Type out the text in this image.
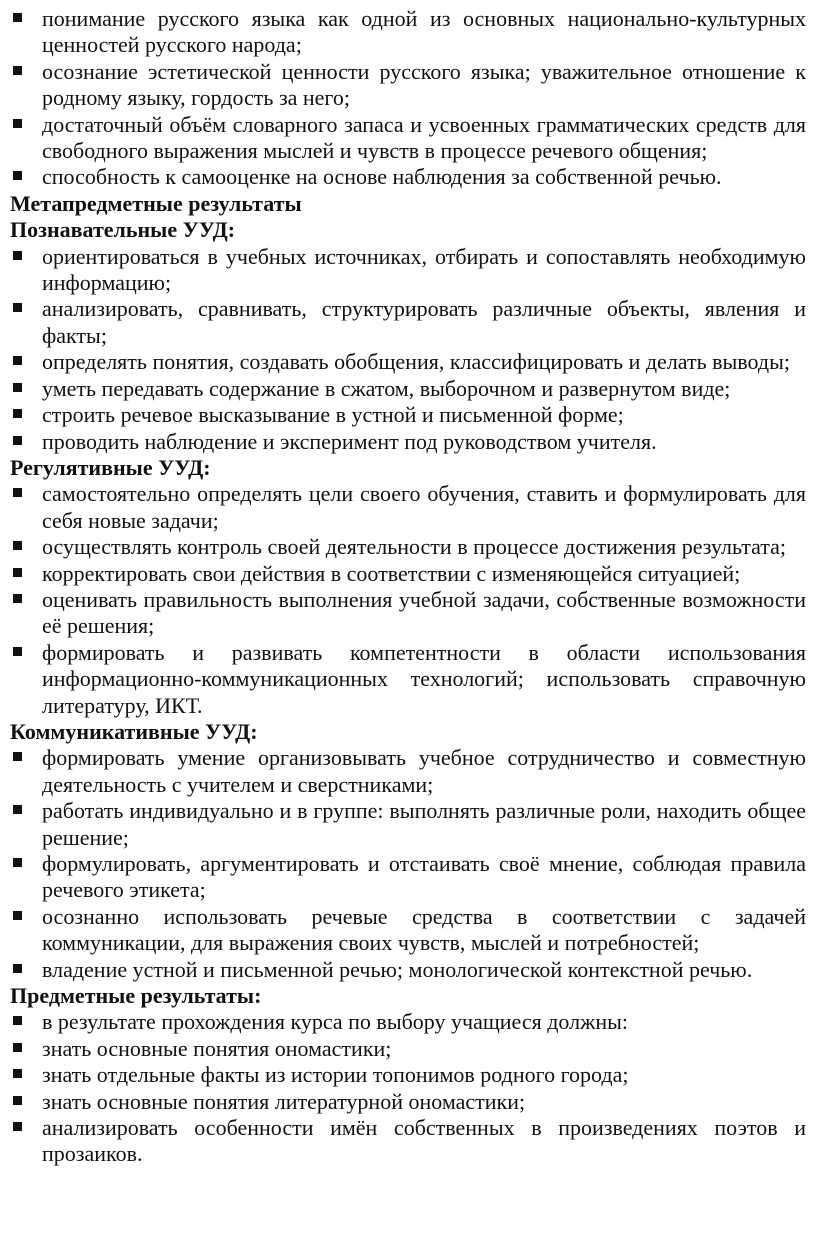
понимание русского языка как одной из основных национально-культурных ценностей русского народа;
осознание эстетической ценности русского языка; уважительное отношение к родному языку, гордость за него;
достаточный объём словарного запаса и усвоенных грамматических средств для свободного выражения мыслей и чувств в процессе речевого общения;
способность к самооценке на основе наблюдения за собственной речью.

Метапредметные результаты

Познавательные УУД:

ориентироваться в учебных источниках, отбирать и сопоставлять необходимую информацию;
анализировать, сравнивать, структурировать различные объекты, явления и факты;
определять понятия, создавать обобщения, классифицировать и делать выводы;
уметь передавать содержание в сжатом, выборочном и развернутом виде;
строить речевое высказывание в устной и письменной форме;
проводить наблюдение и эксперимент под руководством учителя.

Регулятивные УУД:

самостоятельно определять цели своего обучения, ставить и формулировать для себя новые задачи;
осуществлять контроль своей деятельности в процессе достижения результата;
корректировать свои действия в соответствии с изменяющейся ситуацией;
оценивать правильность выполнения учебной задачи, собственные возможности её решения;
формировать и развивать компетентности в области использования информационно-коммуникационных технологий; использовать справочную литературу, ИКТ.

Коммуникативные УУД:

формировать умение организовывать учебное сотрудничество и совместную деятельность с учителем и сверстниками;
работать индивидуально и в группе: выполнять различные роли, находить общее решение;
формулировать, аргументировать и отстаивать своё мнение, соблюдая правила речевого этикета;
осознанно использовать речевые средства в соответствии с задачей коммуникации, для выражения своих чувств, мыслей и потребностей;
владение устной и письменной речью; монологической контекстной речью.

Предметные результаты:

в результате прохождения курса по выбору учащиеся должны:
знать основные понятия ономастики;
знать отдельные факты из истории топонимов родного города;
знать основные понятия литературной ономастики;
анализировать особенности имён собственных в произведениях поэтов и прозаиков.
